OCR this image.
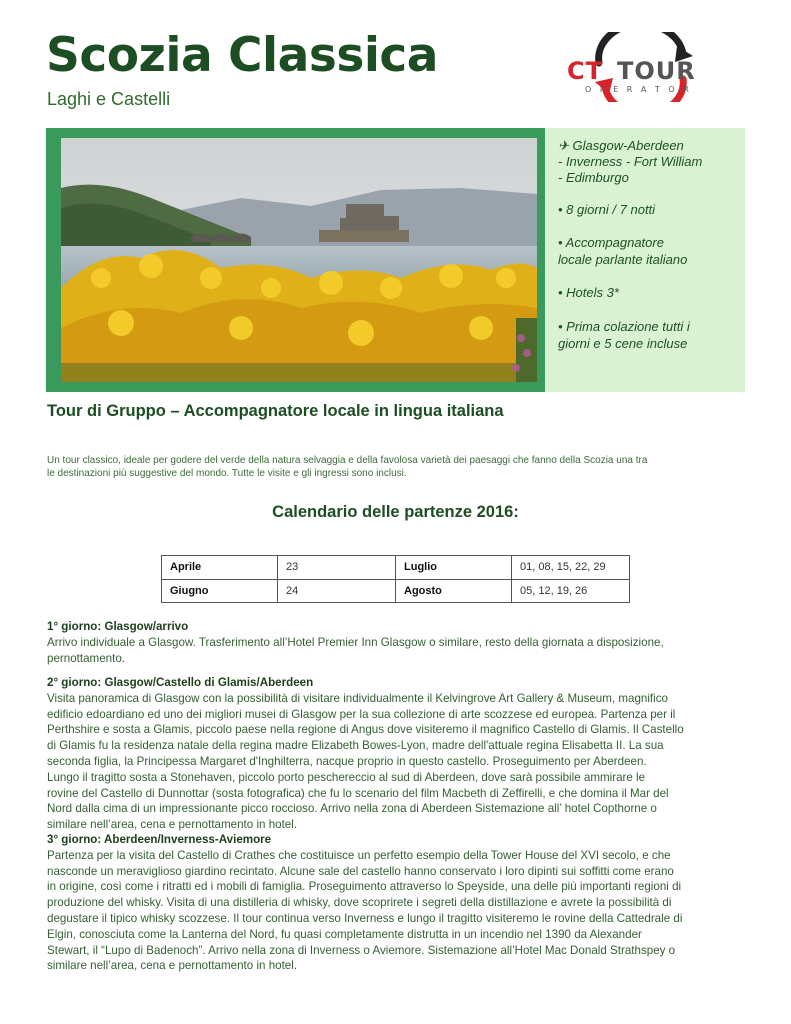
Scozia Classica
Laghi e Castelli
CT TOUR
O P E R A T O R
✈ Glasgow-Aberdeen
- Inverness - Fort William
- Edimburgo
• 8 giorni / 7 notti
• Accompagnatore
locale parlante italiano
• Hotels 3*
• Prima colazione tutti i
giorni e 5 cene incluse
Tour di Gruppo – Accompagnatore locale in lingua italiana
Un tour classico, ideale per godere del verde della natura selvaggia e della favolosa varietà dei paesaggi che fanno della Scozia una tra
le destinazioni più suggestive del mondo. Tutte le visite e gli ingressi sono inclusi.
Calendario delle partenze 2016:
Aprile	23	Luglio	01, 08, 15, 22, 29
Giugno	24	Agosto	05, 12, 19, 26
1° giorno: Glasgow/arrivo
Arrivo individuale a Glasgow. Trasferimento all’Hotel Premier Inn Glasgow o similare, resto della giornata a disposizione,
pernottamento.
2° giorno: Glasgow/Castello di Glamis/Aberdeen
Visita panoramica di Glasgow con la possibilità di visitare individualmente il Kelvingrove Art Gallery & Museum, magnifico
edificio edoardiano ed uno dei migliori musei di Glasgow per la sua collezione di arte scozzese ed europea. Partenza per il
Perthshire e sosta a Glamis, piccolo paese nella regione di Angus dove visiteremo il magnifico Castello di Glamis. Il Castello
di Glamis fu la residenza natale della regina madre Elizabeth Bowes-Lyon, madre dell'attuale regina Elisabetta II. La sua
seconda figlia, la Principessa Margaret d'Inghilterra, nacque proprio in questo castello. Proseguimento per Aberdeen.
Lungo il tragitto sosta a Stonehaven, piccolo porto peschereccio al sud di Aberdeen, dove sarà possibile ammirare le
rovine del Castello di Dunnottar (sosta fotografica) che fu lo scenario del film Macbeth di Zeffirelli, e che domina il Mar del
Nord dalla cima di un impressionante picco roccioso. Arrivo nella zona di Aberdeen Sistemazione all’ hotel Copthorne o
similare nell’area, cena e pernottamento in hotel.
3° giorno: Aberdeen/Inverness-Aviemore
Partenza per la visita del Castello di Crathes che costituisce un perfetto esempio della Tower House del XVI secolo, e che
nasconde un meraviglioso giardino recintato. Alcune sale del castello hanno conservato i loro dipinti sui soffitti come erano
in origine, così come i ritratti ed i mobili di famiglia. Proseguimento attraverso lo Speyside, una delle più importanti regioni di
produzione del whisky. Visita di una distilleria di whisky, dove scoprirete i segreti della distillazione e avrete la possibilità di
degustare il tipico whisky scozzese. Il tour continua verso Inverness e lungo il tragitto visiteremo le rovine della Cattedrale di
Elgin, conosciuta come la Lanterna del Nord, fu quasi completamente distrutta in un incendio nel 1390 da Alexander
Stewart, il “Lupo di Badenoch”. Arrivo nella zona di Inverness o Aviemore. Sistemazione all’Hotel Mac Donald Strathspey o
similare nell’area, cena e pernottamento in hotel.
